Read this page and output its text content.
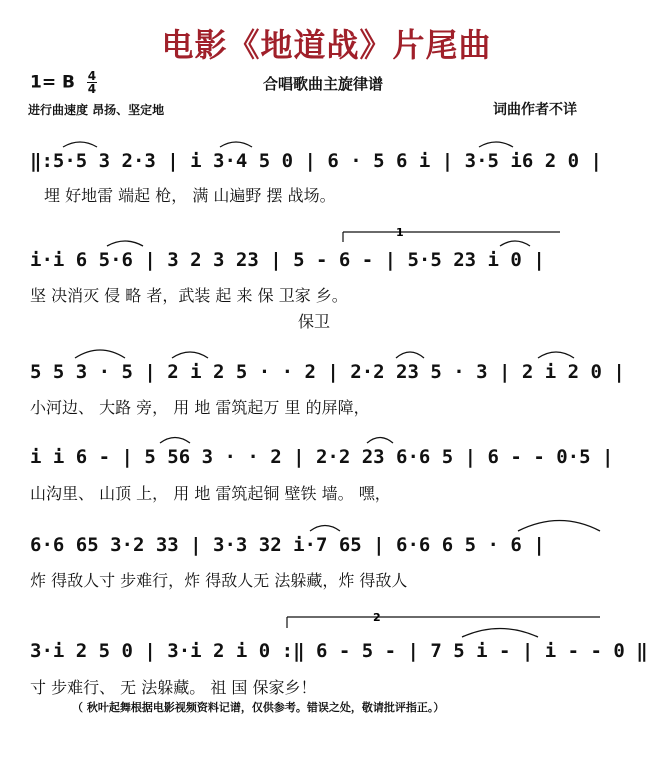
电影《地道战》片尾曲
1= B $\frac{4}{4}$	合唱歌曲主旋律谱
进行曲速度 昂扬、坚定地	词曲作者不详
‖:5·5 3 2·3 | i 3·4 5 0 | 6 · 5 6 i | 3·5 i6 2 0 |
埋 好地雷 端起 枪， 满 山遍野 摆 战场。
i·i 6 5·6 | 3 2 3 23 | 5 - 6 - | 5·5 23 i 0 |
坚 决消灭 侵 略 者，武装 起 来 保 卫家 乡。
保卫
5 5 3 · 5 | 2 i 2 5 · · 2 | 2·2 23 5 · 3 | 2 i 2 0 |
小河边、 大路 旁， 用 地 雷筑起万 里 的屏障，
i i 6 - | 5 56 3 · · 2 | 2·2 23 6·6 5 | 6 - - 0·5 |
山沟里、 山顶 上， 用 地 雷筑起铜 壁铁 墙。 嘿，
6·6 65 3·2 33 | 3·3 32 i·7 65 | 6·6 6 5 · 6 |
炸 得敌人寸 步难行，炸 得敌人无 法躲藏，炸 得敌人
3·i 2 5 0 | 3·i 2 i 0 :‖ 6 - 5 - | 7 5 i - | i - - 0 ‖
寸 步难行、 无 法躲藏。 祖 国 保家乡！
1
2
（ 秋叶起舞根据电影视频资料记谱，仅供参考。错误之处，敬请批评指正。）
